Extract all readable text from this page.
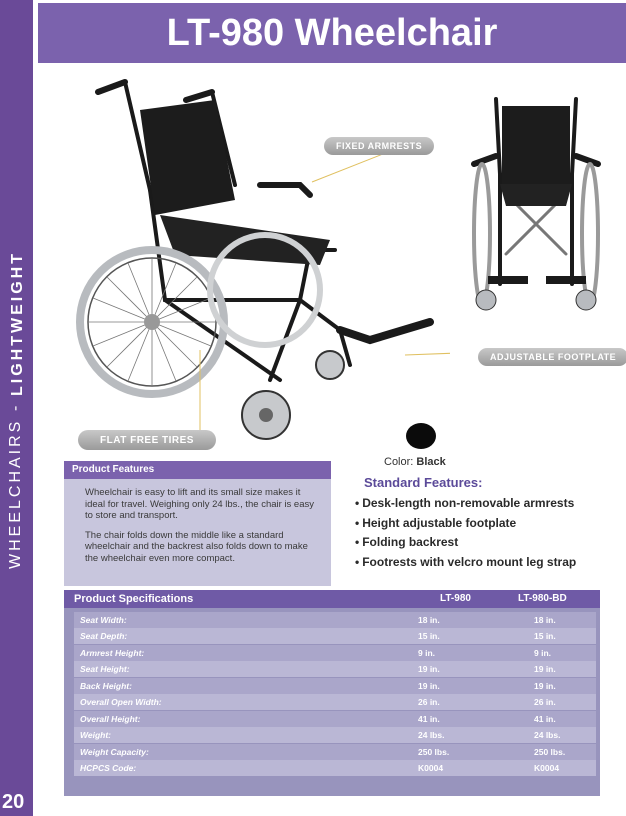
WHEELCHAIRS

-

LIGHTWEIGHT
20
LT-980 Wheelchair
FIXED ARMRESTS
ADJUSTABLE FOOTPLATE
FLAT FREE TIRES
Color: Black
Product Features

Wheelchair is easy to lift and its small size makes it ideal for travel. Weighing only 24 lbs., the chair is easy to store and transport.

The chair folds down the middle like a standard wheelchair and the backrest also folds down to make the wheelchair even more compact.

Standard Features:
• Desk-length non-removable armrests
• Height adjustable footplate
• Folding backrest
• Footrests with velcro mount leg strap
Product Specifications	LT-980	LT-980-BD
Seat Width:	18 in.	18 in.
Seat Depth:	15 in.	15 in.
Armrest Height:	9 in.	9 in.
Seat Height:	19 in.	19 in.
Back Height:	19 in.	19 in.
Overall Open Width:	26 in.	26 in.
Overall Height:	41 in.	41 in.
Weight:	24 lbs.	24 lbs.
Weight Capacity:	250 lbs.	250 lbs.
HCPCS Code:	K0004	K0004
